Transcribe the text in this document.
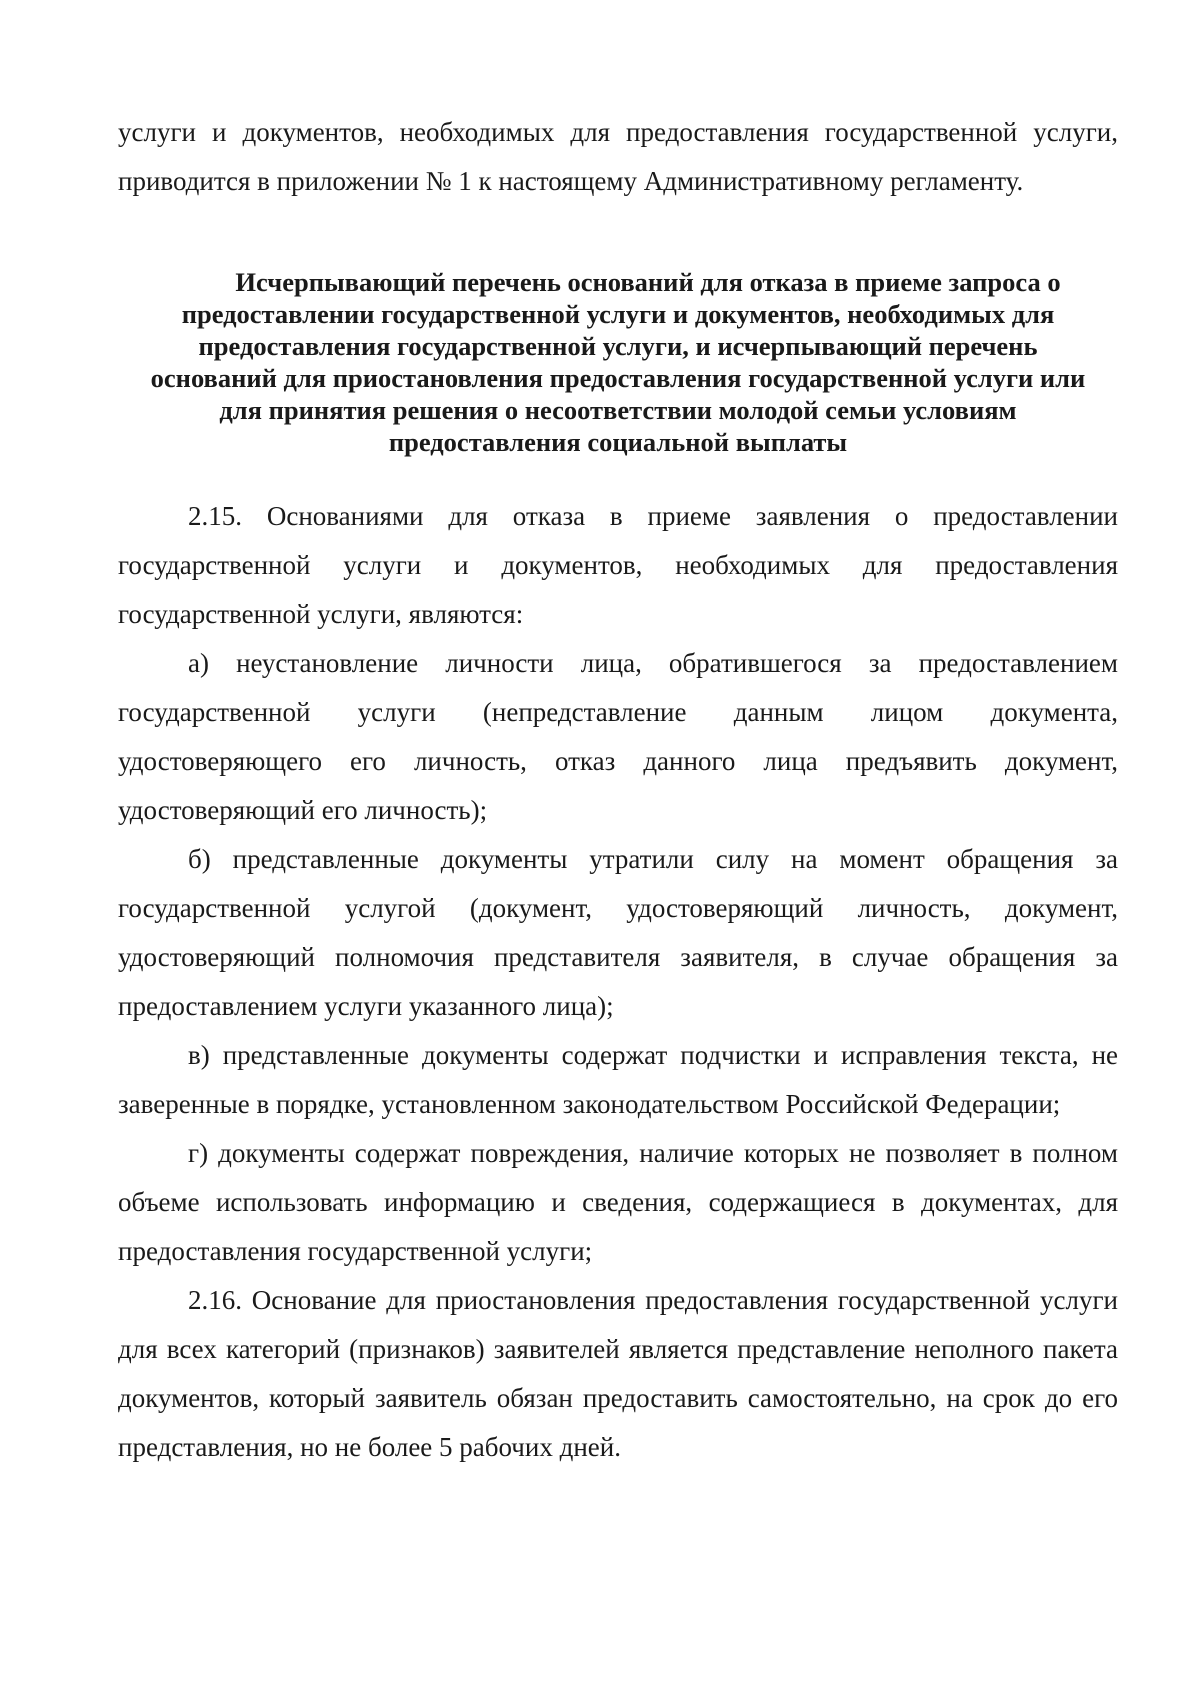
услуги и документов, необходимых для предоставления государственной услуги, приводится в приложении № 1 к настоящему Административному регламенту.

Исчерпывающий перечень оснований для отказа в приеме запроса о
предоставлении государственной услуги и документов, необходимых для
предоставления государственной услуги, и исчерпывающий перечень
оснований для приостановления предоставления государственной услуги или
для принятия решения о несоответствии молодой семьи условиям
предоставления социальной выплаты

2.15. Основаниями для отказа в приеме заявления о предоставлении государственной услуги и документов, необходимых для предоставления государственной услуги, являются:

а) неустановление личности лица, обратившегося за предоставлением государственной услуги (непредставление данным лицом документа, удостоверяющего его личность, отказ данного лица предъявить документ, удостоверяющий его личность);

б) представленные документы утратили силу на момент обращения за государственной услугой (документ, удостоверяющий личность, документ, удостоверяющий полномочия представителя заявителя, в случае обращения за предоставлением услуги указанного лица);

в) представленные документы содержат подчистки и исправления текста, не заверенные в порядке, установленном законодательством Российской Федерации;

г) документы содержат повреждения, наличие которых не позволяет в полном объеме использовать информацию и сведения, содержащиеся в документах, для предоставления государственной услуги;

2.16. Основание для приостановления предоставления государственной услуги для всех категорий (признаков) заявителей является представление неполного пакета документов, который заявитель обязан предоставить самостоятельно, на срок до его представления, но не более 5 рабочих дней.
